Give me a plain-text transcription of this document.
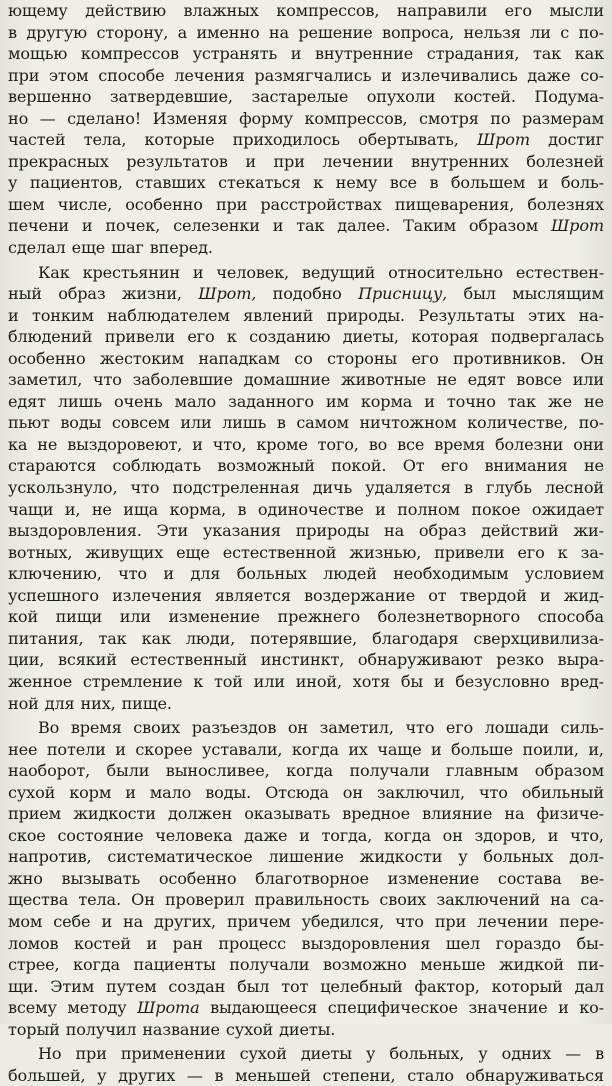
ющему действию влажных компрессов, направили его мысли
в другую сторону, а именно на решение вопроса, нельзя ли с по-
мощью компрессов устранять и внутренние страдания, так как
при этом способе лечения размягчались и излечивались даже со-
вершенно затвердевшие, застарелые опухоли костей. Подума-
но — сделано! Изменяя форму компрессов, смотря по размерам
частей тела, которые приходилось обертывать, Шрот достиг
прекрасных результатов и при лечении внутренних болезней
у пациентов, ставших стекаться к нему все в большем и боль-
шем числе, особенно при расстройствах пищеварения, болезнях
печени и почек, селезенки и так далее. Таким образом Шрот
сделал еще шаг вперед.
Как крестьянин и человек, ведущий относительно естествен-
ный образ жизни, Шрот, подобно Присницу, был мыслящим
и тонким наблюдателем явлений природы. Результаты этих на-
блюдений привели его к созданию диеты, которая подвергалась
особенно жестоким нападкам со стороны его противников. Он
заметил, что заболевшие домашние животные не едят вовсе или
едят лишь очень мало заданного им корма и точно так же не
пьют воды совсем или лишь в самом ничтожном количестве, по-
ка не выздоровеют, и что, кроме того, во все время болезни они
стараются соблюдать возможный покой. От его внимания не
ускользнуло, что подстреленная дичь удаляется в глубь лесной
чащи и, не ища корма, в одиночестве и полном покое ожидает
выздоровления. Эти указания природы на образ действий жи-
вотных, живущих еще естественной жизнью, привели его к за-
ключению, что и для больных людей необходимым условием
успешного излечения является воздержание от твердой и жид-
кой пищи или изменение прежнего болезнетворного способа
питания, так как люди, потерявшие, благодаря сверхцивилиза-
ции, всякий естественный инстинкт, обнаруживают резко выра-
женное стремление к той или иной, хотя бы и безусловно вред-
ной для них, пище.
Во время своих разъездов он заметил, что его лошади силь-
нее потели и скорее уставали, когда их чаще и больше поили, и,
наоборот, были выносливее, когда получали главным образом
сухой корм и мало воды. Отсюда он заключил, что обильный
прием жидкости должен оказывать вредное влияние на физиче-
ское состояние человека даже и тогда, когда он здоров, и что,
напротив, систематическое лишение жидкости у больных дол-
жно вызывать особенно благотворное изменение состава ве-
щества тела. Он проверил правильность своих заключений на са-
мом себе и на других, причем убедился, что при лечении пере-
ломов костей и ран процесс выздоровления шел гораздо бы-
стрее, когда пациенты получали возможно меньше жидкой пи-
щи. Этим путем создан был тот целебный фактор, который дал
всему методу Шрота выдающееся специфическое значение и ко-
торый получил название сухой диеты.
Но при применении сухой диеты у больных, у одних — в
большей, у других — в меньшей степени, стало обнаруживаться
